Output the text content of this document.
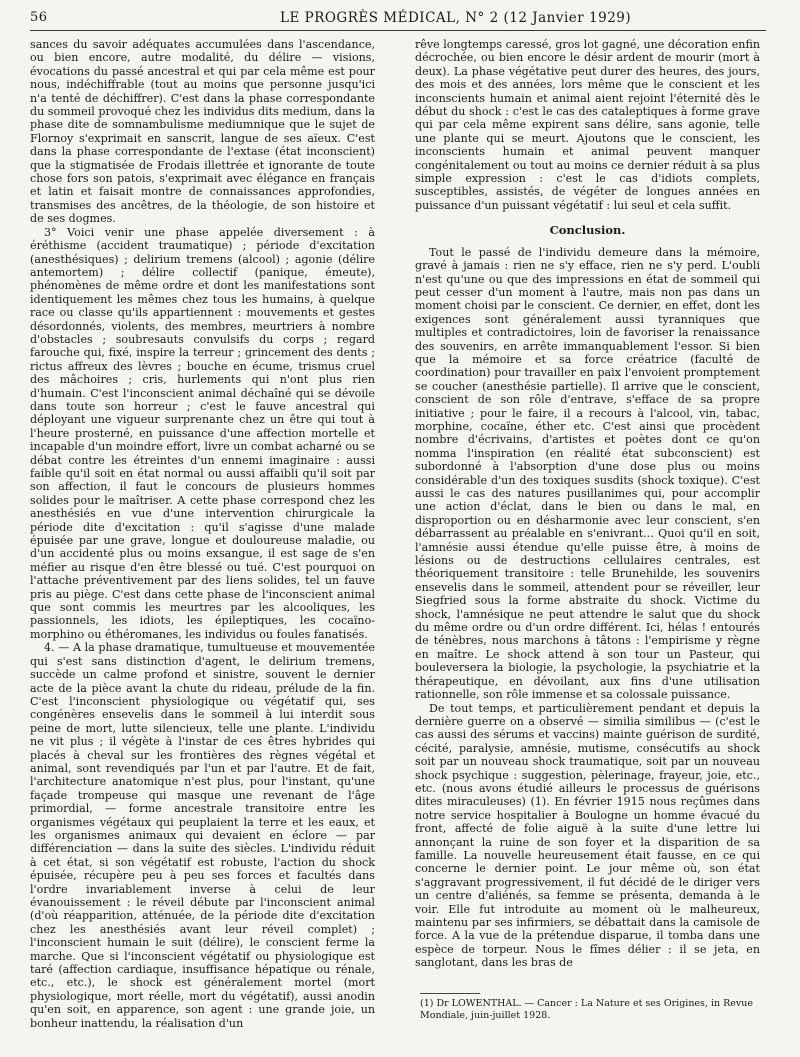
56	LE PROGRÈS MÉDICAL, N° 2 (12 Janvier 1929)

sances du savoir adéquates accumulées dans l'ascendance, ou bien encore, autre modalité, du délire — visions, évocations du passé ancestral et qui par cela même est pour nous, indéchiffrable (tout au moins que personne jusqu'ici n'a tenté de déchiffrer). C'est dans la phase correspondante du sommeil provoqué chez les individus dits medium, dans la phase dite de somnambulisme mediumnique que le sujet de Flornoy s'exprimait en sanscrit, langue de ses aïeux. C'est dans la phase correspondante de l'extase (état inconscient) que la stigmatisée de Frodais illettrée et ignorante de toute chose fors son patois, s'exprimait avec élégance en français et latin et faisait montre de connaissances approfondies, transmises des ancêtres, de la théologie, de son histoire et de ses dogmes.

3° Voici venir une phase appelée diversement : à éréthisme (accident traumatique) ; période d'excitation (anesthésiques) ; delirium tremens (alcool) ; agonie (délire antemortem) ; délire collectif (panique, émeute), phénomènes de même ordre et dont les manifestations sont identiquement les mêmes chez tous les humains, à quelque race ou classe qu'ils appartiennent : mouvements et gestes désordonnés, violents, des membres, meurtriers à nombre d'obstacles ; soubresauts convulsifs du corps ; regard farouche qui, fixé, inspire la terreur ; grincement des dents ; rictus affreux des lèvres ; bouche en écume, trismus cruel des mâchoires ; cris, hurlements qui n'ont plus rien d'humain. C'est l'inconscient animal déchaîné qui se dévoile dans toute son horreur ; c'est le fauve ancestral qui déployant une vigueur surprenante chez un être qui tout à l'heure prosterné, en puissance d'une affection mortelle et incapable d'un moindre effort, livre un combat acharné ou se débat contre les étreintes d'un ennemi imaginaire : aussi faible qu'il soit en état normal ou aussi affaibli qu'il soit par son affection, il faut le concours de plusieurs hommes solides pour le maîtriser. A cette phase correspond chez les anesthésiés en vue d'une intervention chirurgicale la période dite d'excitation : qu'il s'agisse d'une malade épuisée par une grave, longue et douloureuse maladie, ou d'un accidenté plus ou moins exsangue, il est sage de s'en méfier au risque d'en être blessé ou tué. C'est pourquoi on l'attache préventivement par des liens solides, tel un fauve pris au piège. C'est dans cette phase de l'inconscient animal que sont commis les meurtres par les alcooliques, les passionnels, les idiots, les épileptiques, les cocaïno-morphino ou éthéromanes, les individus ou foules fanatisés.

4. — A la phase dramatique, tumultueuse et mouvementée qui s'est sans distinction d'agent, le delirium tremens, succède un calme profond et sinistre, souvent le dernier acte de la pièce avant la chute du rideau, prélude de la fin. C'est l'inconscient physiologique ou végétatif qui, ses congénères ensevelis dans le sommeil à lui interdit sous peine de mort, lutte silencieux, telle une plante. L'individu ne vit plus ; il végète à l'instar de ces êtres hybrides qui placés à cheval sur les frontières des règnes végétal et animal, sont revendiqués par l'un et par l'autre. Et de fait, l'architecture anatomique n'est plus, pour l'instant, qu'une façade trompeuse qui masque une revenant de l'âge primordial, — forme ancestrale transitoire entre les organismes végétaux qui peuplaient la terre et les eaux, et les organismes animaux qui devaient en éclore — par différenciation — dans la suite des siècles. L'individu réduit à cet état, si son végétatif est robuste, l'action du shock épuisée, récupère peu à peu ses forces et facultés dans l'ordre invariablement inverse à celui de leur évanouissement : le réveil débute par l'inconscient animal (d'où réapparition, atténuée, de la période dite d'excitation chez les anesthésiés avant leur réveil complet) ; l'inconscient humain le suit (délire), le conscient ferme la marche. Que si l'inconscient végétatif ou physiologique est taré (affection cardiaque, insuffisance hépatique ou rénale, etc., etc.), le shock est généralement mortel (mort physiologique, mort réelle, mort du végétatif), aussi anodin qu'en soit, en apparence, son agent : une grande joie, un bonheur inattendu, la réalisation d'un

rêve longtemps caressé, gros lot gagné, une décoration enfin décrochée, ou bien encore le désir ardent de mourir (mort à deux). La phase végétative peut durer des heures, des jours, des mois et des années, lors même que le conscient et les inconscients humain et animal aient rejoint l'éternité dès le début du shock : c'est le cas des cataleptiques à forme grave qui par cela même expirent sans délire, sans agonie, telle une plante qui se meurt. Ajoutons que le conscient, les inconscients humain et animal peuvent manquer congénitalement ou tout au moins ce dernier réduit à sa plus simple expression : c'est le cas d'idiots complets, susceptibles, assistés, de végéter de longues années en puissance d'un puissant végétatif : lui seul et cela suffit.

Conclusion.

Tout le passé de l'individu demeure dans la mémoire, gravé à jamais : rien ne s'y efface, rien ne s'y perd. L'oubli n'est qu'une ou que des impressions en état de sommeil qui peut cesser d'un moment à l'autre, mais non pas dans un moment choisi par le conscient. Ce dernier, en effet, dont les exigences sont généralement aussi tyranniques que multiples et contradictoires, loin de favoriser la renaissance des souvenirs, en arrête immanquablement l'essor. Si bien que la mémoire et sa force créatrice (faculté de coordination) pour travailler en paix l'envoient promptement se coucher (anesthésie partielle). Il arrive que le conscient, conscient de son rôle d'entrave, s'efface de sa propre initiative ; pour le faire, il a recours à l'alcool, vin, tabac, morphine, cocaïne, éther etc. C'est ainsi que procèdent nombre d'écrivains, d'artistes et poètes dont ce qu'on nomma l'inspiration (en réalité état subconscient) est subordonné à l'absorption d'une dose plus ou moins considérable d'un des toxiques susdits (shock toxique). C'est aussi le cas des natures pusillanimes qui, pour accomplir une action d'éclat, dans le bien ou dans le mal, en disproportion ou en désharmonie avec leur conscient, s'en débarrassent au préalable en s'enivrant... Quoi qu'il en soit, l'amnésie aussi étendue qu'elle puisse être, à moins de lésions ou de destructions cellulaires centrales, est théoriquement transitoire : telle Brunehilde, les souvenirs ensevelis dans le sommeil, attendent pour se réveiller, leur Siegfried sous la forme abstraite du shock. Victime du shock, l'amnésique ne peut attendre le salut que du shock du même ordre ou d'un ordre différent. Ici, hélas ! entourés de ténèbres, nous marchons à tâtons : l'empirisme y règne en maître. Le shock attend à son tour un Pasteur, qui bouleversera la biologie, la psychologie, la psychiatrie et la thérapeutique, en dévoilant, aux fins d'une utilisation rationnelle, son rôle immense et sa colossale puissance.

De tout temps, et particulièrement pendant et depuis la dernière guerre on a observé — similia similibus — (c'est le cas aussi des sérums et vaccins) mainte guérison de surdité, cécité, paralysie, amnésie, mutisme, consécutifs au shock soit par un nouveau shock traumatique, soit par un nouveau shock psychique : suggestion, pèlerinage, frayeur, joie, etc., etc. (nous avons étudié ailleurs le processus de guérisons dites miraculeuses) (1). En février 1915 nous reçûmes dans notre service hospitalier à Boulogne un homme évacué du front, affecté de folie aiguë à la suite d'une lettre lui annonçant la ruine de son foyer et la disparition de sa famille. La nouvelle heureusement était fausse, en ce qui concerne le dernier point. Le jour même où, son état s'aggravant progressivement, il fut décidé de le diriger vers un centre d'aliénés, sa femme se présenta, demanda à le voir. Elle fut introduite au moment où le malheureux, maintenu par ses infirmiers, se débattait dans la camisole de force. A la vue de la prétendue disparue, il tomba dans une espèce de torpeur. Nous le fîmes délier : il se jeta, en sanglotant, dans les bras de

(1) Dr LOWENTHAL. — Cancer : La Nature et ses Origines, in Revue Mondiale, juin-juillet 1928.
